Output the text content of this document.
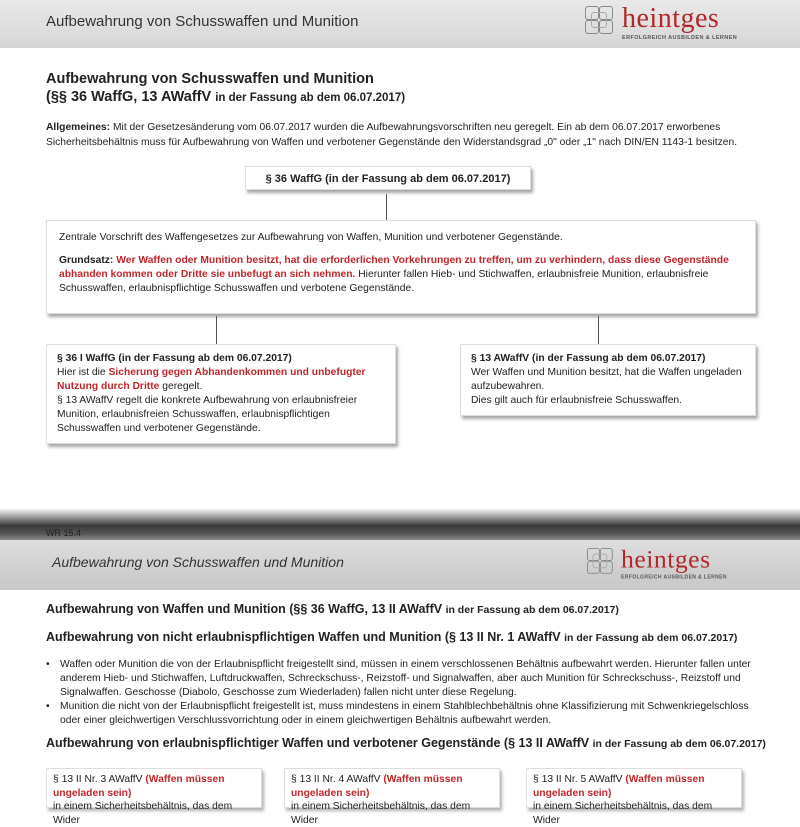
Aufbewahrung von Schusswaffen und Munition	heintges
ERFOLGREICH AUSBILDEN & LERNEN
Aufbewahrung von Schusswaffen und Munition
(§§ 36 WaffG, 13 AWaffV in der Fassung ab dem 06.07.2017)
Allgemeines: Mit der Gesetzesänderung vom 06.07.2017 wurden die Aufbewahrungsvorschriften neu geregelt. Ein ab dem 06.07.2017 erworbenes Sicherheitsbehältnis muss für Aufbewahrung von Waffen und verbotener Gegenstände den Widerstandsgrad „0" oder „1" nach DIN/EN 1143-1 besitzen.
§ 36 WaffG (in der Fassung ab dem 06.07.2017)
Zentrale Vorschrift des Waffengesetzes zur Aufbewahrung von Waffen, Munition und verbotener Gegenstände.
Grundsatz: Wer Waffen oder Munition besitzt, hat die erforderlichen Vorkehrungen zu treffen, um zu verhindern, dass diese Gegenstände abhanden kommen oder Dritte sie unbefugt an sich nehmen. Hierunter fallen Hieb- und Stichwaffen, erlaubnisfreie Munition, erlaubnisfreie Schusswaffen, erlaubnispflichtige Schusswaffen und verbotene Gegenstände.
§ 36 I WaffG (in der Fassung ab dem 06.07.2017)
Hier ist die Sicherung gegen Abhandenkommen und unbefugter Nutzung durch Dritte geregelt.
§ 13 AWaffV regelt die konkrete Aufbewahrung von erlaubnisfreier Munition, erlaubnisfreien Schusswaffen, erlaubnispflichtigen Schusswaffen und verbotener Gegenstände.
§ 13 AWaffV (in der Fassung ab dem 06.07.2017)
Wer Waffen und Munition besitzt, hat die Waffen ungeladen aufzubewahren.
Dies gilt auch für erlaubnisfreie Schusswaffen.
WR 15.4
Aufbewahrung von Schusswaffen und Munition	heintges
ERFOLGREICH AUSBILDEN & LERNEN
Aufbewahrung von Waffen und Munition (§§ 36 WaffG, 13 II AWaffV in der Fassung ab dem 06.07.2017)
Aufbewahrung von nicht erlaubnispflichtigen Waffen und Munition (§ 13 II Nr. 1 AWaffV in der Fassung ab dem 06.07.2017)
• Waffen oder Munition die von der Erlaubnispflicht freigestellt sind, müssen in einem verschlossenen Behältnis aufbewahrt werden. Hierunter fallen unter anderem Hieb- und Stichwaffen, Luftdruckwaffen, Schreckschuss-, Reizstoff- und Signalwaffen, aber auch Munition für Schreckschuss-, Reizstoff und Signalwaffen. Geschosse (Diabolo, Geschosse zum Wiederladen) fallen nicht unter diese Regelung.
• Munition die nicht von der Erlaubnispflicht freigestellt ist, muss mindestens in einem Stahlblechbehältnis ohne Klassifizierung mit Schwenkriegelschloss oder einer gleichwertigen Verschlussvorrichtung oder in einem gleichwertigen Behältnis aufbewahrt werden.
Aufbewahrung von erlaubnispflichtiger Waffen und verbotener Gegenstände (§ 13 II AWaffV in der Fassung ab dem 06.07.2017)
§ 13 II Nr. 3 AWaffV (Waffen müssen ungeladen sein)
in einem Sicherheitsbehältnis, das dem Wider
§ 13 II Nr. 4 AWaffV (Waffen müssen ungeladen sein)
in einem Sicherheitsbehältnis, das dem Wider
§ 13 II Nr. 5 AWaffV (Waffen müssen ungeladen sein)
in einem Sicherheitsbehältnis, das dem Wider
